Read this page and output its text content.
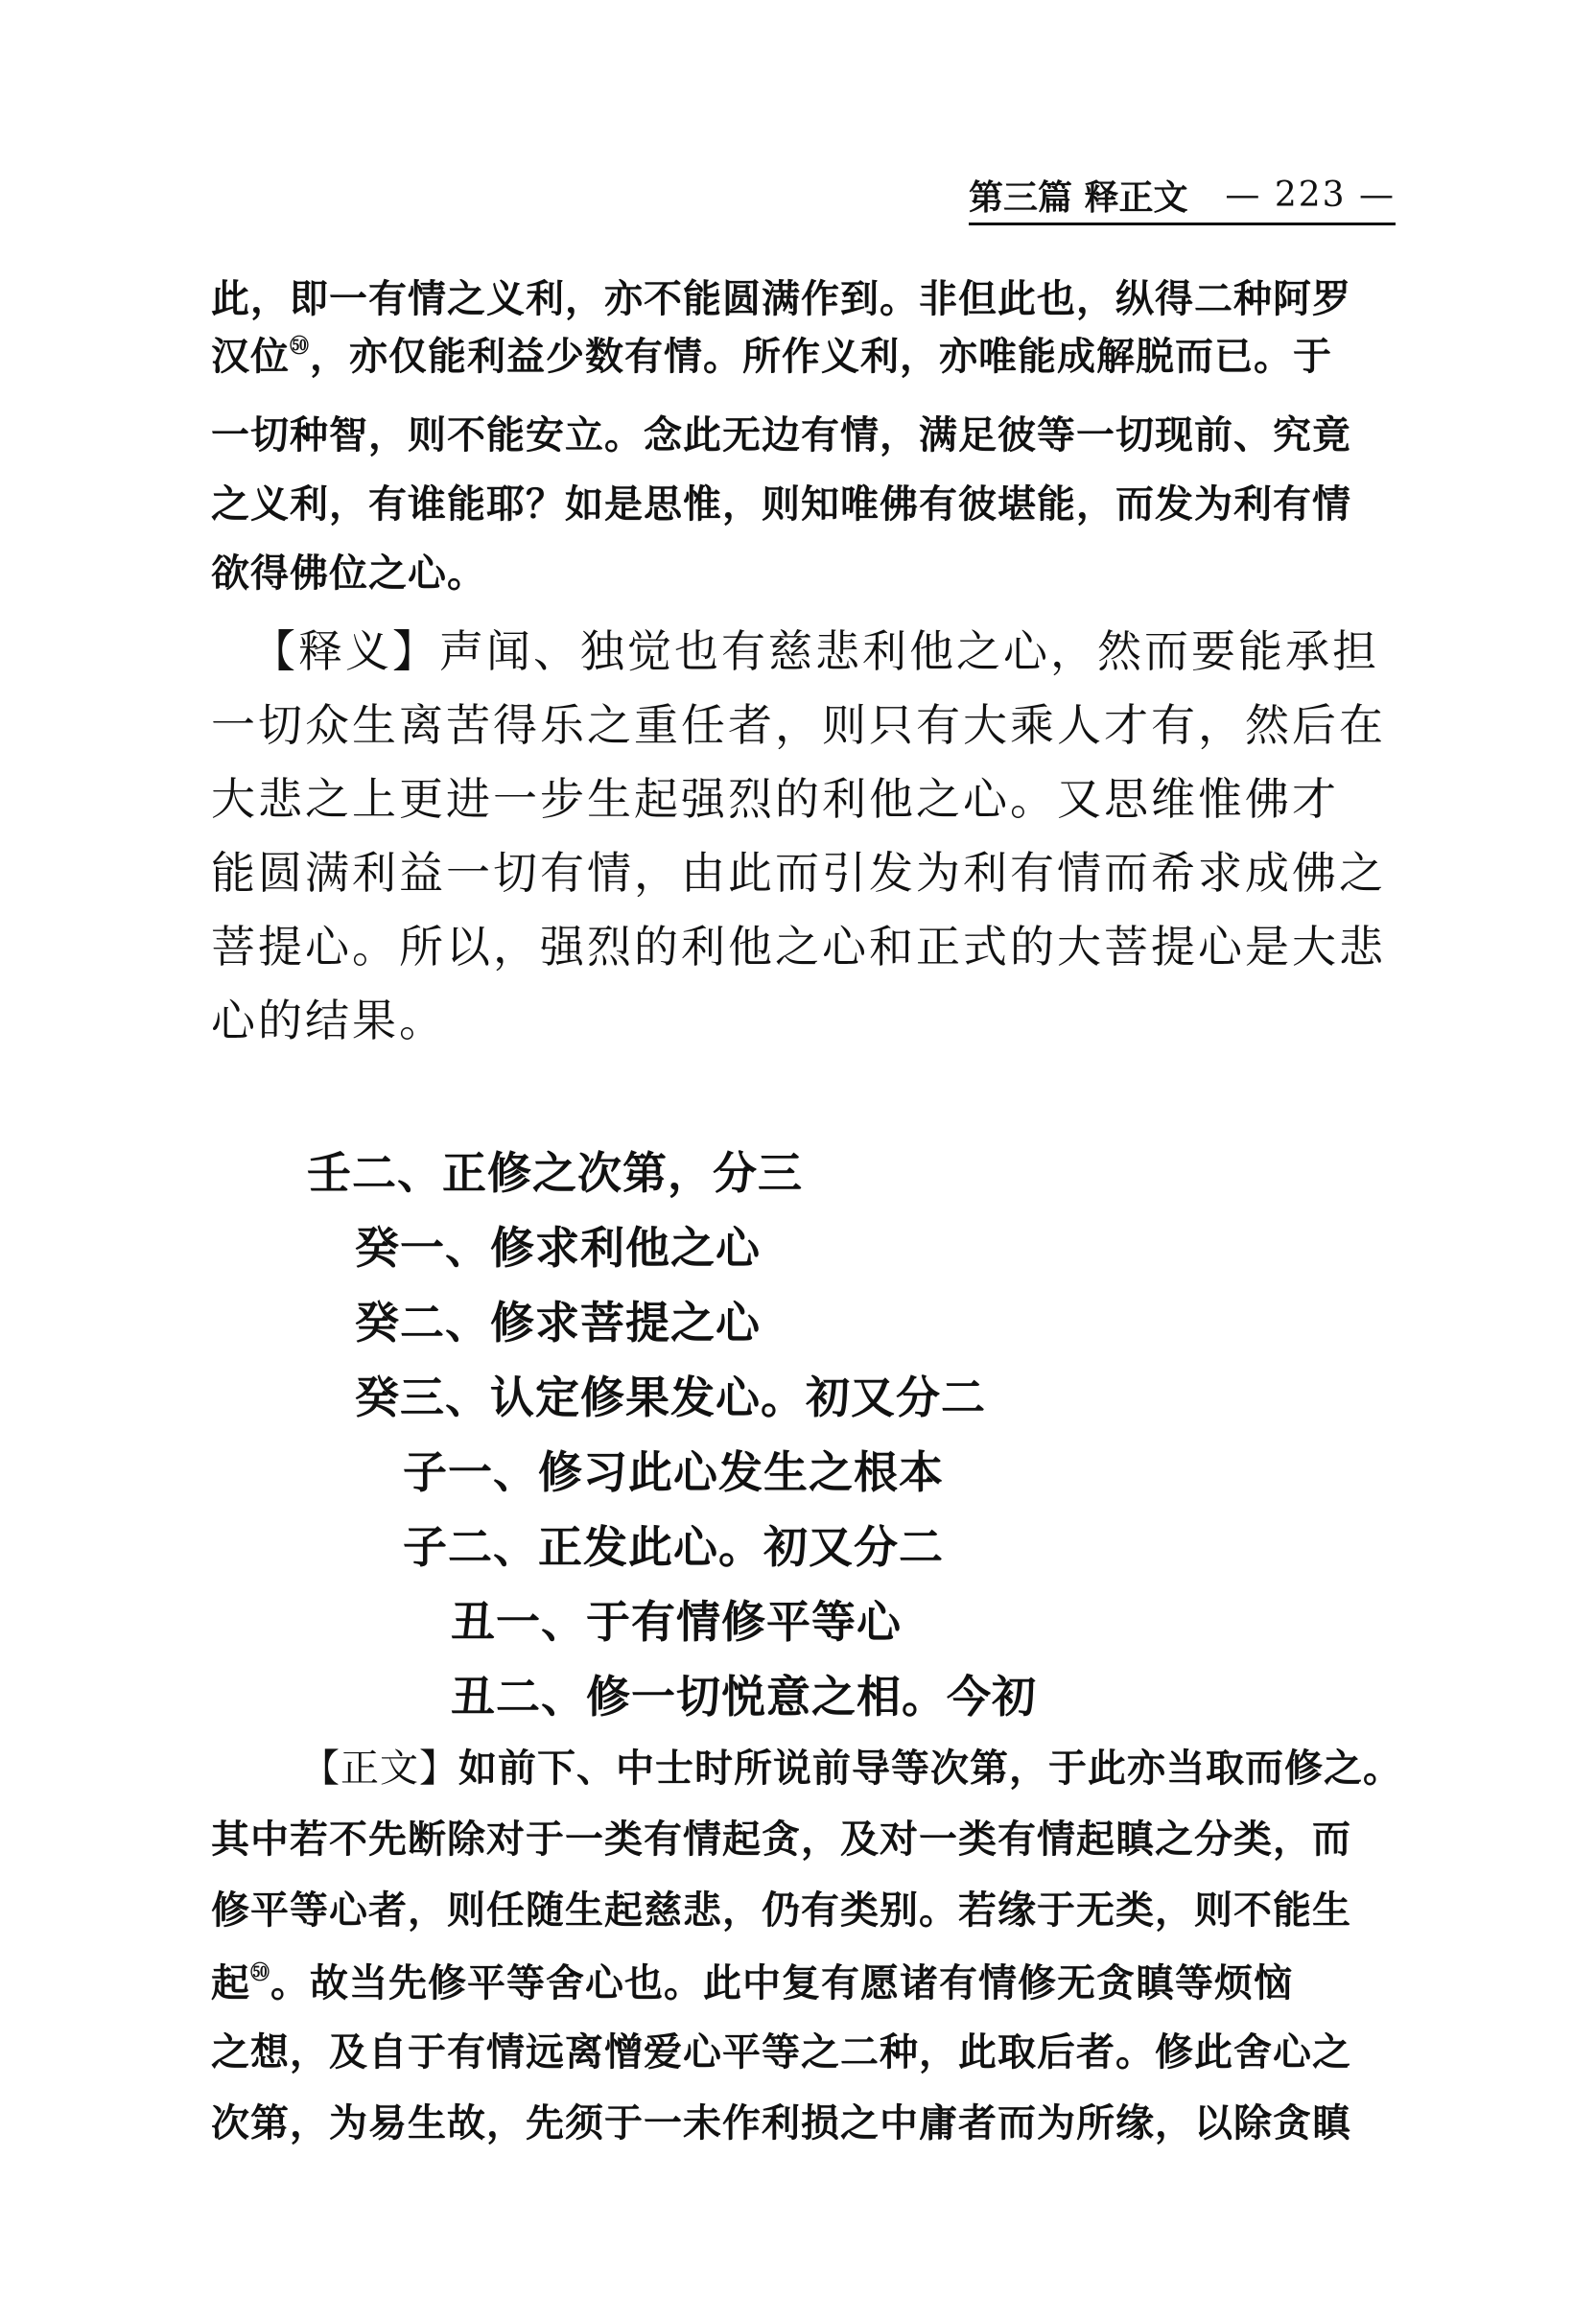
第三篇 释正文 — 223 —
此，即一有情之义利，亦不能圆满作到。非但此也，纵得二种阿罗
汉位$^㊿$，亦仅能利益少数有情。所作义利，亦唯能成解脱而已。于
一切种智，则不能安立。念此无边有情，满足彼等一切现前、究竟
之义利，有谁能耶？如是思惟，则知唯佛有彼堪能，而发为利有情
欲得佛位之心。
【释义】声闻、独觉也有慈悲利他之心，然而要能承担
一切众生离苦得乐之重任者，则只有大乘人才有，然后在
大悲之上更进一步生起强烈的利他之心。又思维惟佛才
能圆满利益一切有情，由此而引发为利有情而希求成佛之
菩提心。所以，强烈的利他之心和正式的大菩提心是大悲
心的结果。
壬二、正修之次第，分三
癸一、修求利他之心
癸二、修求菩提之心
癸三、认定修果发心。初又分二
子一、修习此心发生之根本
子二、正发此心。初又分二
丑一、于有情修平等心
丑二、修一切悦意之相。今初
【正文】如前下、中士时所说前导等次第，于此亦当取而修之。
其中若不先断除对于一类有情起贪，及对一类有情起瞋之分类，而
修平等心者，则任随生起慈悲，仍有类别。若缘于无类，则不能生
起$^㊿$。故当先修平等舍心也。此中复有愿诸有情修无贪瞋等烦恼
之想，及自于有情远离憎爱心平等之二种，此取后者。修此舍心之
次第，为易生故，先须于一未作利损之中庸者而为所缘，以除贪瞋
